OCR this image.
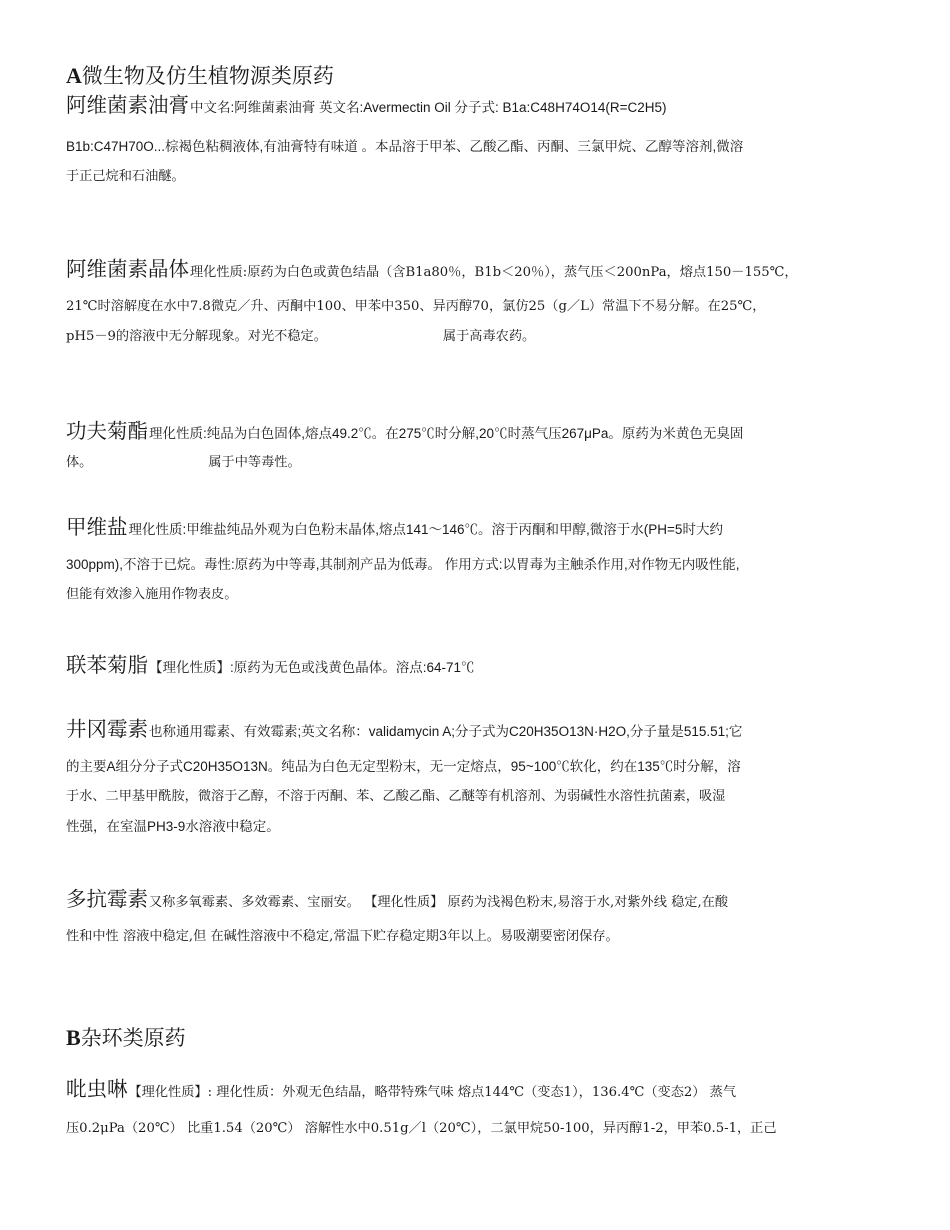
A微生物及仿生植物源类原药
阿维菌素油膏中文名:阿维菌素油膏 英文名:Avermectin Oil 分子式: B1a:C48H74O14(R=C2H5)
B1b:C47H70O...棕褐色粘稠液体,有油膏特有味道 。本品溶于甲苯、乙酸乙酯、丙酮、三氯甲烷、乙醇等溶剂,微溶
于正己烷和石油醚。
阿维菌素晶体理化性质:原药为白色或黄色结晶（含B1a80％，B1b＜20％），蒸气压＜200nPa，熔点150－155℃，
21℃时溶解度在水中7.8微克／升、丙酮中100、甲苯中350、异丙醇70，氯仿25（g／L）常温下不易分解。在25℃，
pH5－9的溶液中无分解现象。对光不稳定。	属于高毒农药。
功夫菊酯理化性质:纯品为白色固体,熔点49.2℃。在275℃时分解,20℃时蒸气压267μPa。原药为米黄色无臭固
体。	属于中等毒性。
甲维盐理化性质:甲维盐纯品外观为白色粉末晶体,熔点141～146℃。溶于丙酮和甲醇,微溶于水(PH=5时大约
300ppm),不溶于已烷。毒性:原药为中等毒,其制剂产品为低毒。 作用方式:以胃毒为主触杀作用,对作物无内吸性能,
但能有效渗入施用作物表皮。
联苯菊脂【理化性质】:原药为无色或浅黄色晶体。溶点:64-71℃
井冈霉素也称通用霉素、有效霉素;英文名称：validamycin A;分子式为C20H35O13N·H2O,分子量是515.51;它
的主要A组分分子式C20H35O13N。纯品为白色无定型粉末，无一定熔点，95~100℃软化，约在135℃时分解，溶
于水、二甲基甲酰胺，微溶于乙醇，不溶于丙酮、苯、乙酸乙酯、乙醚等有机溶剂、为弱碱性水溶性抗菌素，吸湿
性强，在室温PH3-9水溶液中稳定。
多抗霉素又称多氧霉素、多效霉素、宝丽安。 【理化性质】 原药为浅褐色粉末,易溶于水,对紫外线 稳定,在酸
性和中性 溶液中稳定,但 在碱性溶液中不稳定,常温下贮存稳定期3年以上。易吸潮要密闭保存。
B杂环类原药
吡虫啉【理化性质】: 理化性质：外观无色结晶，略带特殊气味 熔点144℃（变态1），136.4℃（变态2） 蒸气
压0.2μPa（20℃） 比重1.54（20℃） 溶解性水中0.51g／l（20℃），二氯甲烷50-100，异丙醇1-2，甲苯0.5-1，正己
